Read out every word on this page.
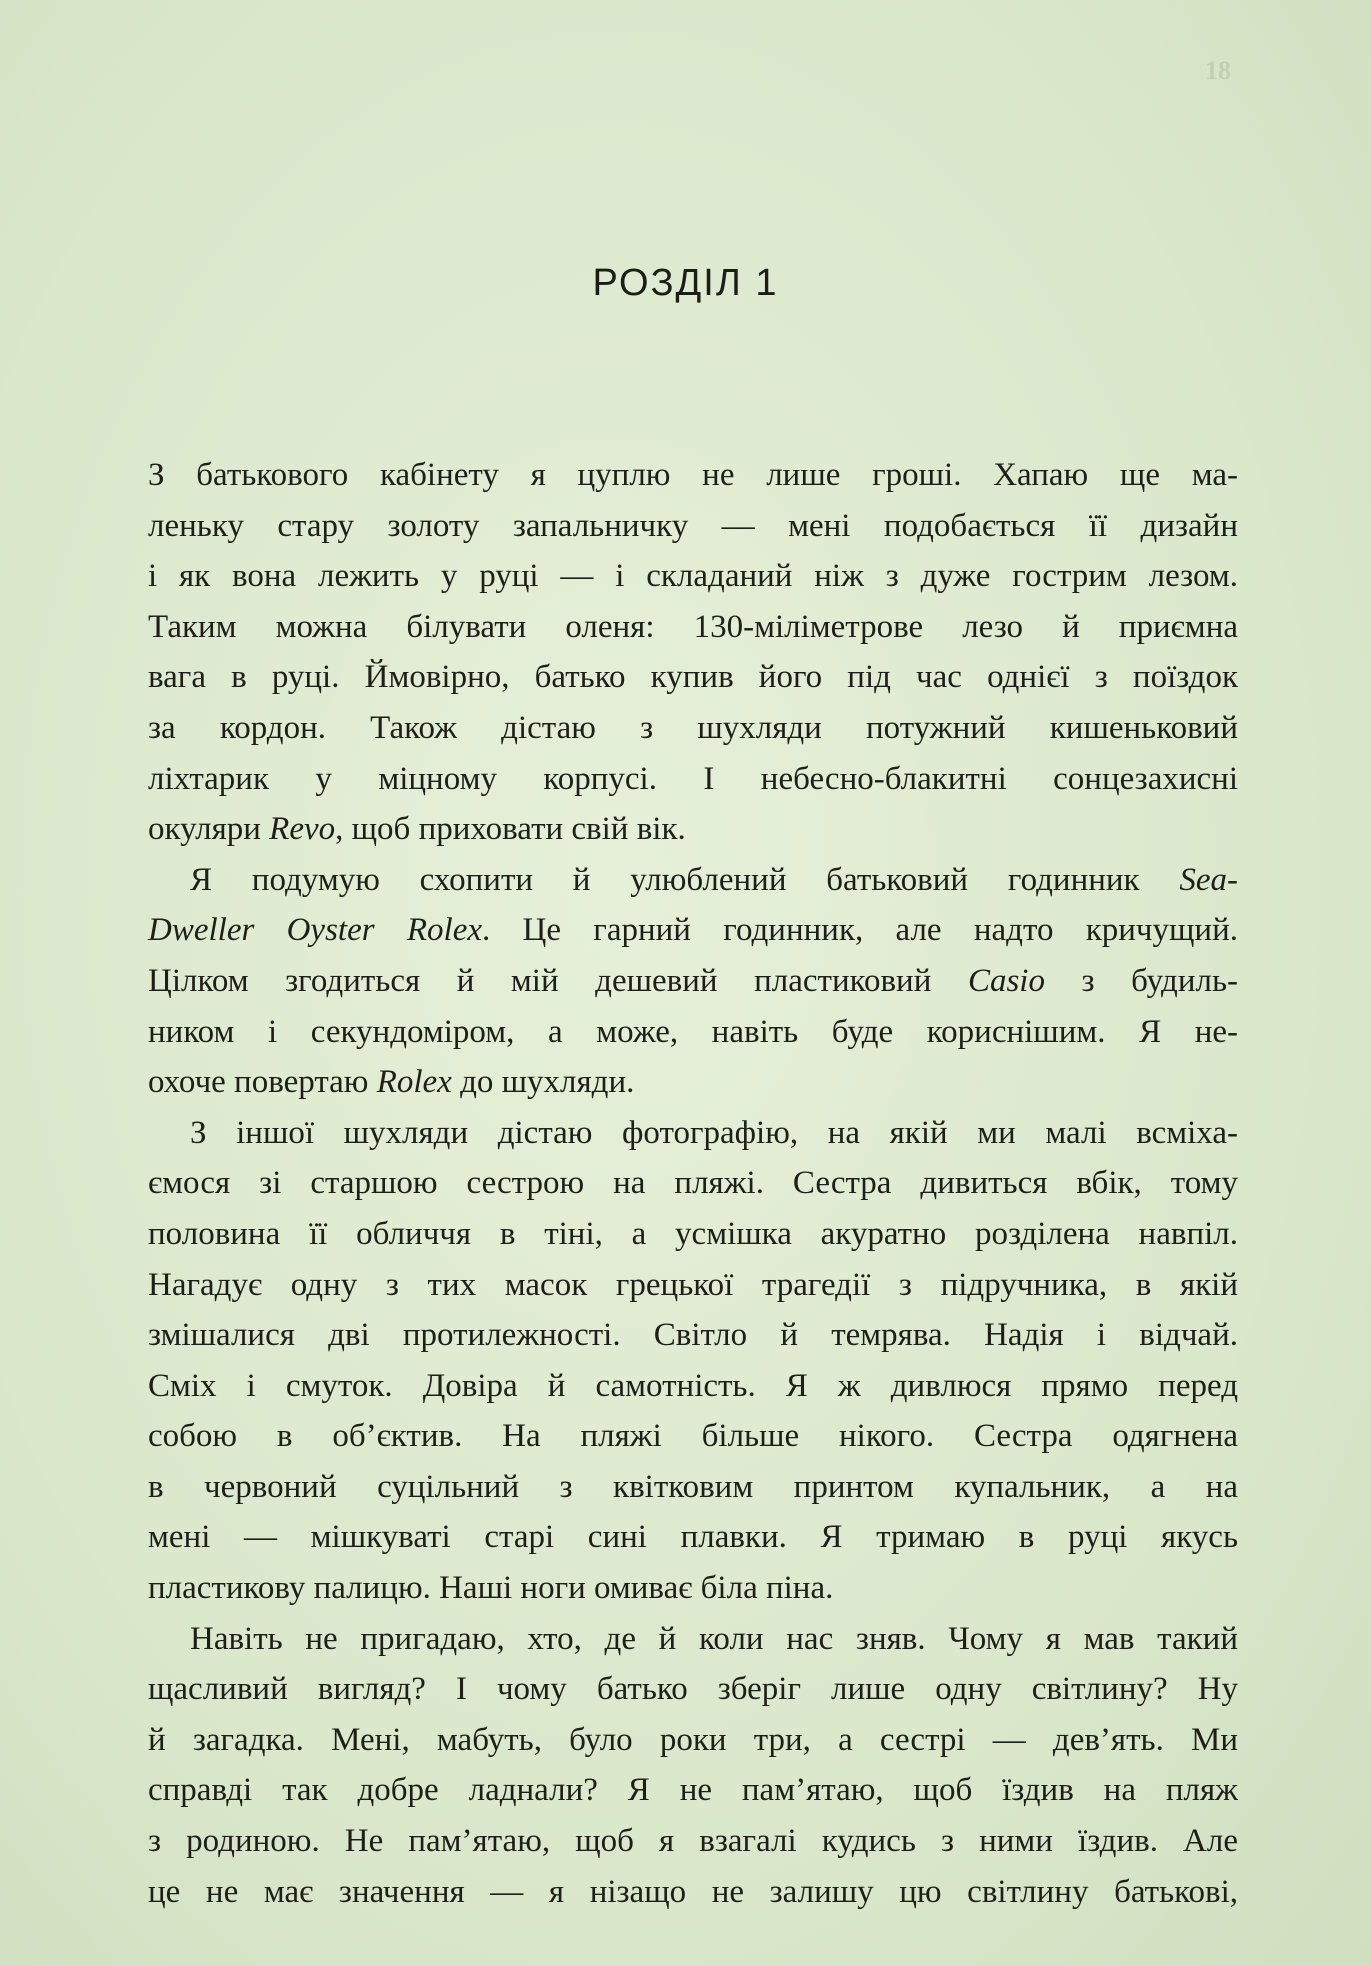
18
РОЗДІЛ 1
З батькового кабінету я цуплю не лише гроші. Хапаю ще ма-
леньку стару золоту запальничку — мені подобається її дизайн
і як вона лежить у руці — і складаний ніж з дуже гострим лезом.
Таким можна білувати оленя: 130-міліметрове лезо й приємна
вага в руці. Ймовірно, батько купив його під час однієї з поїздок
за кордон. Також дістаю з шухляди потужний кишеньковий
ліхтарик у міцному корпусі. І небесно-блакитні сонцезахисні
окуляри Revo, щоб приховати свій вік.
Я подумую схопити й улюблений батьковий годинник Sea-
Dweller Oyster Rolex. Це гарний годинник, але надто кричущий.
Цілком згодиться й мій дешевий пластиковий Casio з будиль-
ником і секундоміром, а може, навіть буде кориснішим. Я не-
охоче повертаю Rolex до шухляди.
З іншої шухляди дістаю фотографію, на якій ми малі всміха-
ємося зі старшою сестрою на пляжі. Сестра дивиться вбік, тому
половина її обличчя в тіні, а усмішка акуратно розділена навпіл.
Нагадує одну з тих масок грецької трагедії з підручника, в якій
змішалися дві протилежності. Світло й темрява. Надія і відчай.
Сміх і смуток. Довіра й самотність. Я ж дивлюся прямо перед
собою в об’єктив. На пляжі більше нікого. Сестра одягнена
в червоний суцільний з квітковим принтом купальник, а на
мені — мішкуваті старі сині плавки. Я тримаю в руці якусь
пластикову палицю. Наші ноги омиває біла піна.
Навіть не пригадаю, хто, де й коли нас зняв. Чому я мав такий
щасливий вигляд? І чому батько зберіг лише одну світлину? Ну
й загадка. Мені, мабуть, було роки три, а сестрі — дев’ять. Ми
справді так добре ладнали? Я не пам’ятаю, щоб їздив на пляж
з родиною. Не пам’ятаю, щоб я взагалі кудись з ними їздив. Але
це не має значення — я нізащо не залишу цю світлину батькові,
